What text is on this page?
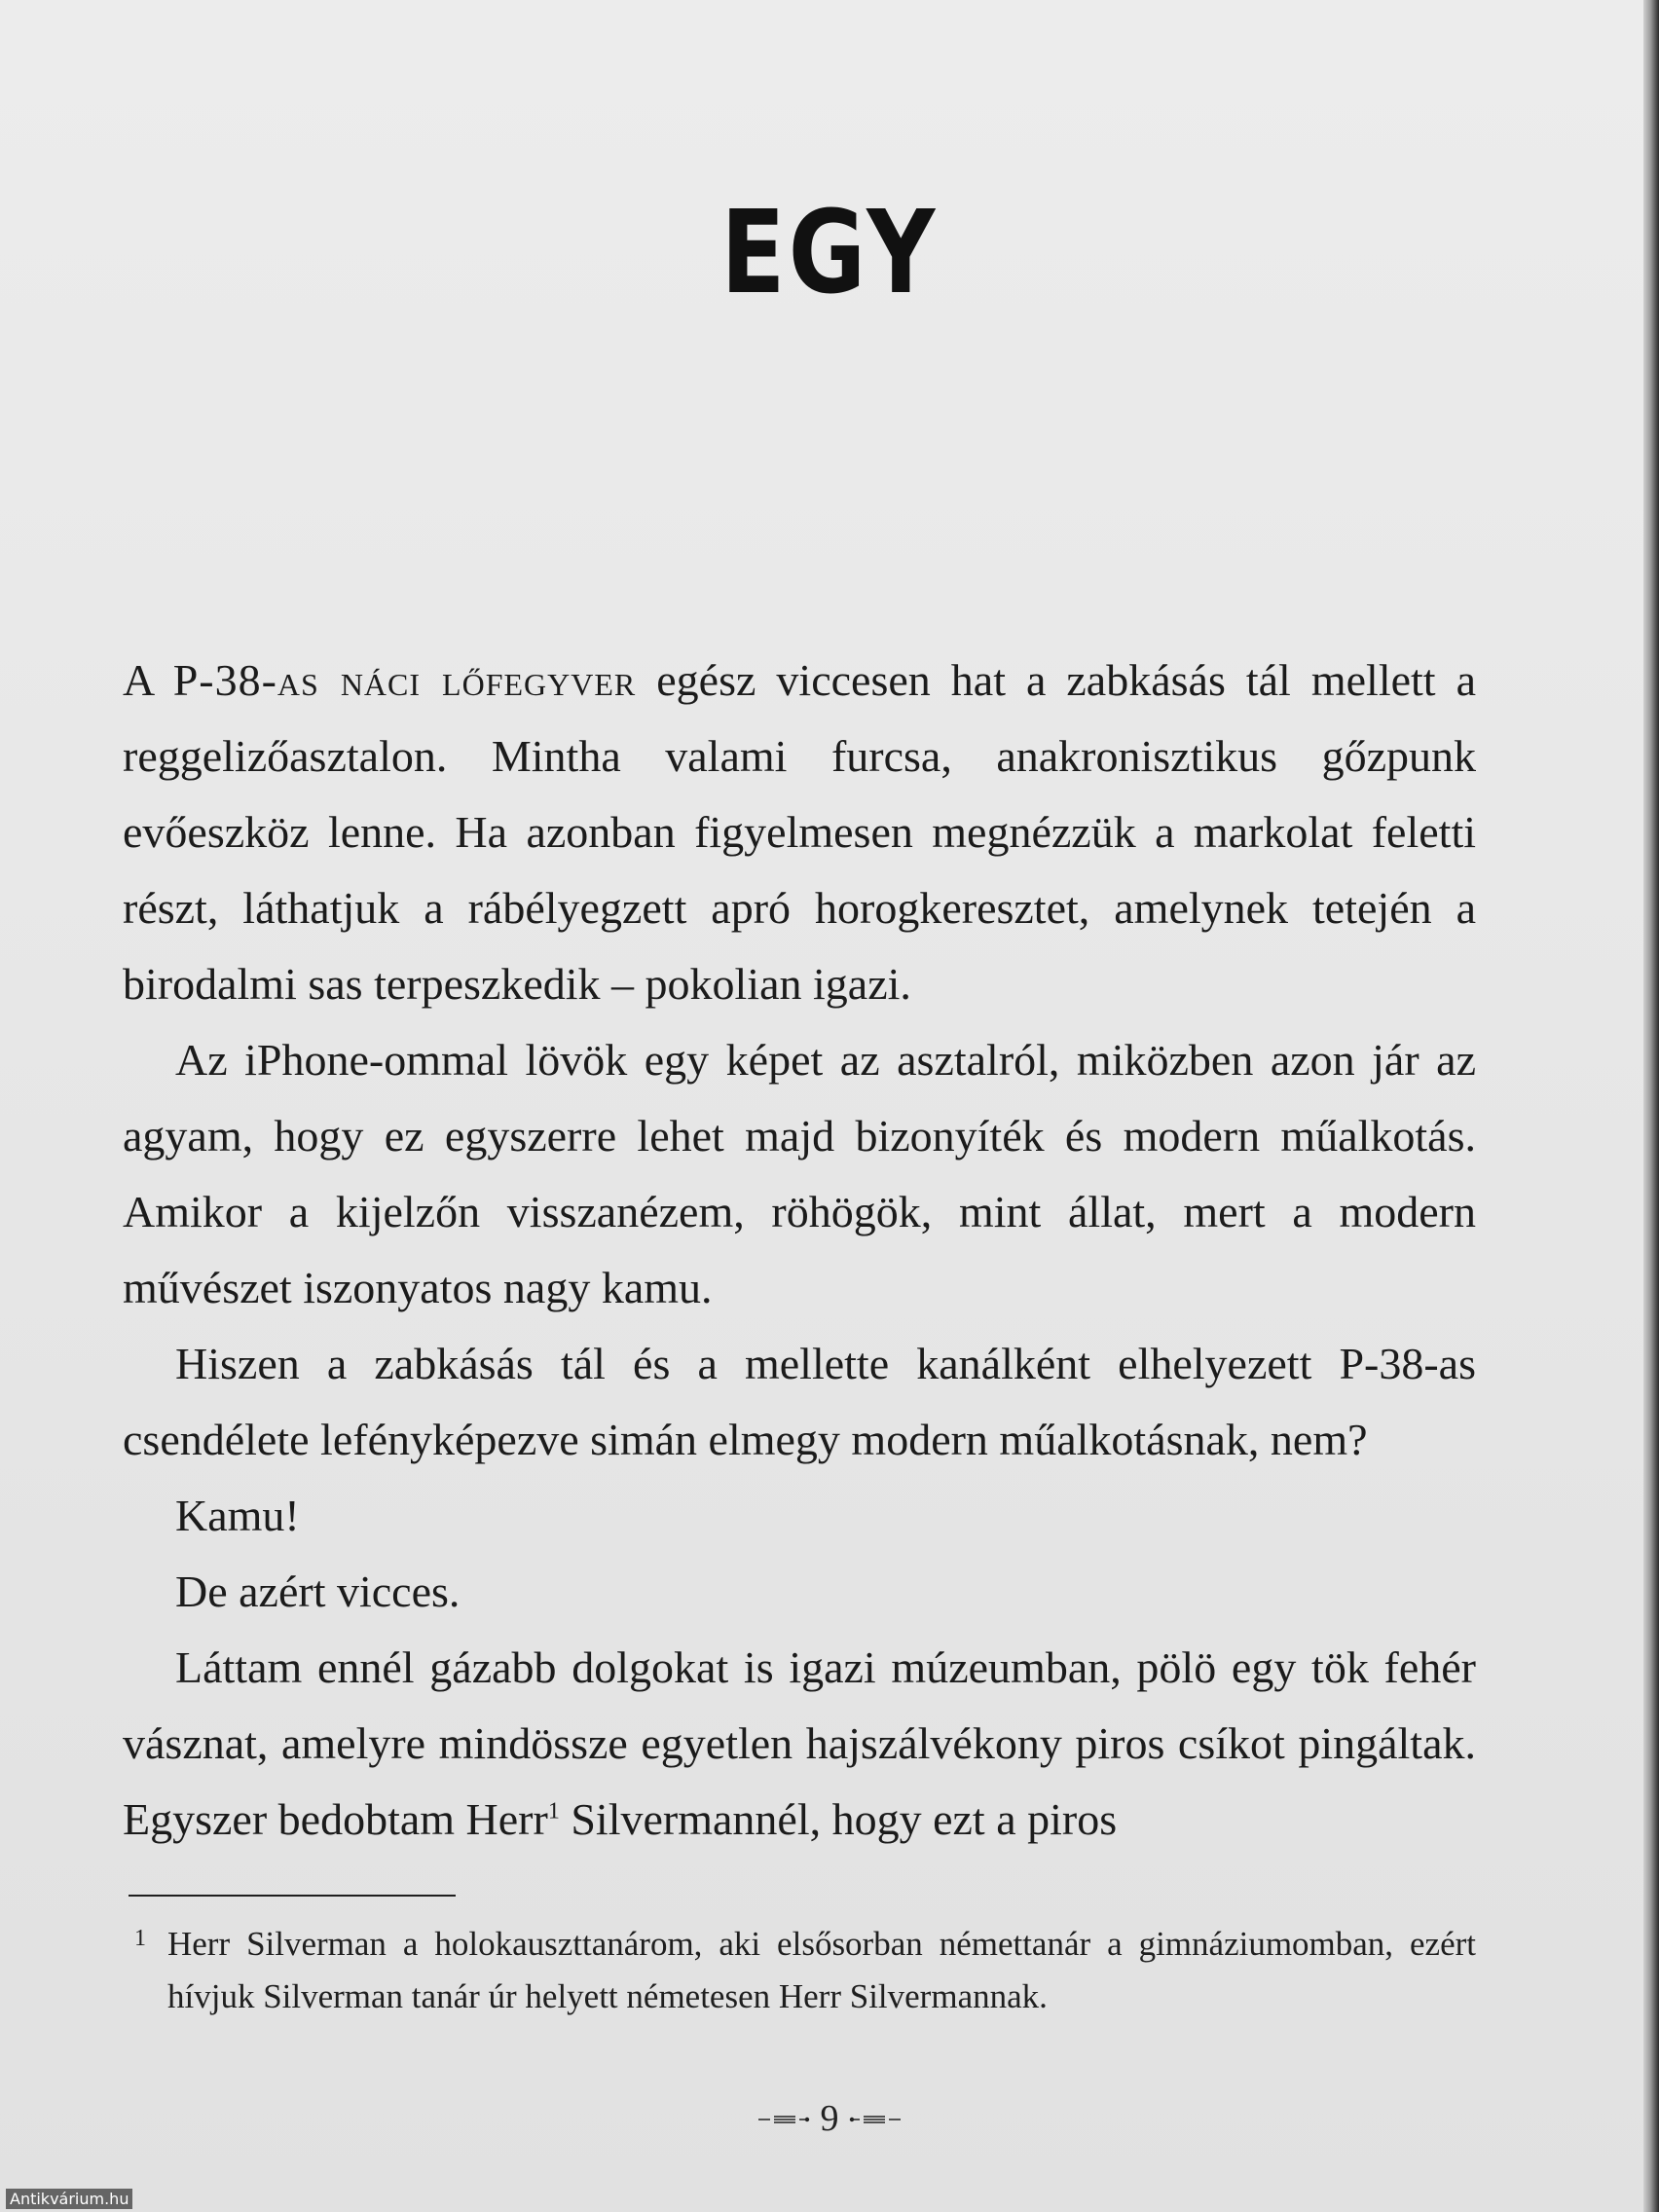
EGY

A P-38-as náci lőfegyver egész viccesen hat a zabkásás tál mellett a reggelizőasztalon. Mintha valami furcsa, anakronisztikus gőzpunk evőeszköz lenne. Ha azonban figyelmesen megnézzük a markolat feletti részt, láthatjuk a rábélyegzett apró horogkeresztet, amelynek tetején a birodalmi sas terpeszkedik – pokolian igazi.

Az iPhone-ommal lövök egy képet az asztalról, miközben azon jár az agyam, hogy ez egyszerre lehet majd bizonyíték és modern műalkotás. Amikor a kijelzőn visszanézem, röhögök, mint állat, mert a modern művészet iszonyatos nagy kamu.

Hiszen a zabkásás tál és a mellette kanálként elhelyezett P-38-as csendélete lefényképezve simán elmegy modern műalkotásnak, nem?

Kamu!

De azért vicces.

Láttam ennél gázabb dolgokat is igazi múzeumban, pölö egy tök fehér vásznat, amelyre mindössze egyetlen hajszálvékony piros csíkot pingáltak. Egyszer bedobtam Herr$^1$ Silvermannél, hogy ezt a piros

1 Herr Silverman a holokauszttanárom, aki elsősorban némettanár a gimnáziumomban, ezért hívjuk Silverman tanár úr helyett németesen Herr Silvermannak.
9
Antikvárium.hu
